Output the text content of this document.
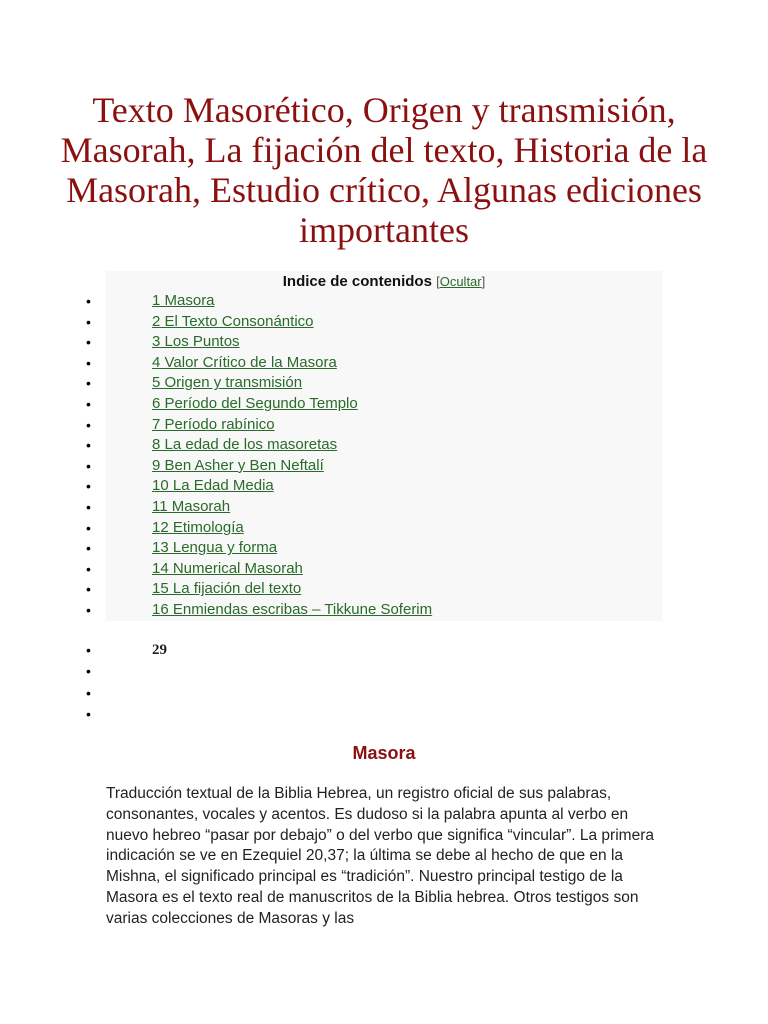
Texto Masorético, Origen y transmisión, Masorah, La fijación del texto, Historia de la Masorah, Estudio crítico, Algunas ediciones importantes
Indice de contenidos [Ocultar]
•	1 Masora
•	2 El Texto Consonántico
•	3 Los Puntos
•	4 Valor Crítico de la Masora
•	5 Origen y transmisión
•	6 Período del Segundo Templo
•	7 Período rabínico
•	8 La edad de los masoretas
•	9 Ben Asher y Ben Neftalí
•	10 La Edad Media
•	11 Masorah
•	12 Etimología
•	13 Lengua y forma
•	14 Numerical Masorah
•	15 La fijación del texto
•	16 Enmiendas escribas – Tikkune Soferim
•	29
•
•
•
Masora

Traducción textual de la Biblia Hebrea, un registro oficial de sus palabras, consonantes, vocales y acentos. Es dudoso si la palabra apunta al verbo en nuevo hebreo “pasar por debajo” o del verbo que significa “vincular”. La primera indicación se ve en Ezequiel 20,37; la última se debe al hecho de que en la Mishna, el significado principal es “tradición”. Nuestro principal testigo de la Masora es el texto real de manuscritos de la Biblia hebrea. Otros testigos son varias colecciones de Masoras y las
